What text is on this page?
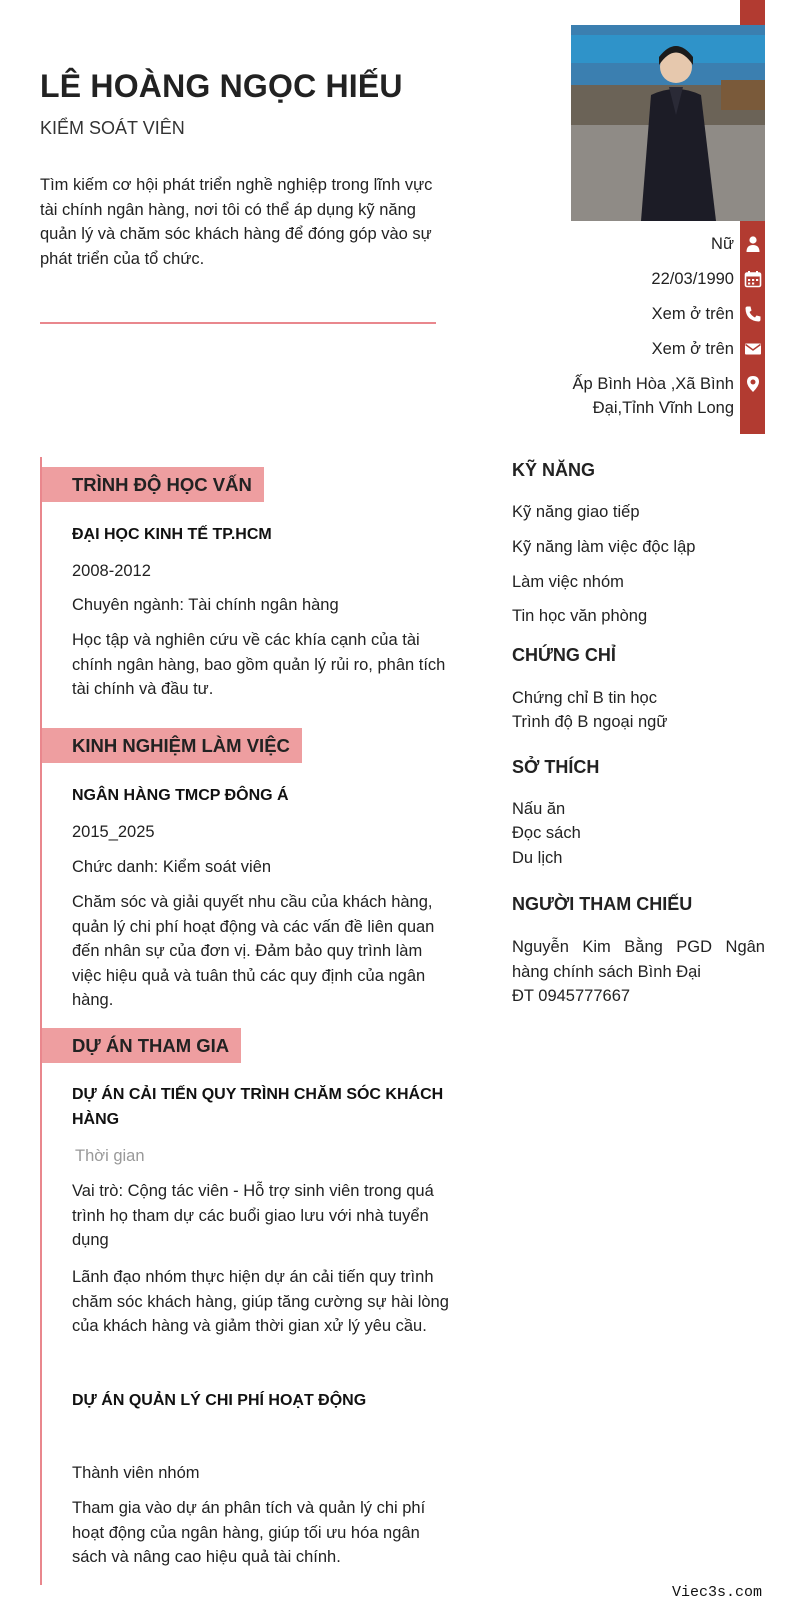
LÊ HOÀNG NGỌC HIẾU
KIỂM SOÁT VIÊN
Tìm kiếm cơ hội phát triển nghề nghiệp trong lĩnh vực tài chính ngân hàng, nơi tôi có thể áp dụng kỹ năng quản lý và chăm sóc khách hàng để đóng góp vào sự phát triển của tổ chức.
Nữ
22/03/1990
Xem ở trên
Xem ở trên
Ấp Bình Hòa ,Xã Bình
Đại,Tỉnh Vĩnh Long
TRÌNH ĐỘ HỌC VẤN
ĐẠI HỌC KINH TẾ TP.HCM
2008-2012
Chuyên ngành: Tài chính ngân hàng
Học tập và nghiên cứu về các khía cạnh của tài chính ngân hàng, bao gồm quản lý rủi ro, phân tích tài chính và đầu tư.
KINH NGHIỆM LÀM VIỆC
NGÂN HÀNG TMCP ĐÔNG Á
2015_2025
Chức danh: Kiểm soát viên
Chăm sóc và giải quyết nhu cầu của khách hàng, quản lý chi phí hoạt động và các vấn đề liên quan đến nhân sự của đơn vị. Đảm bảo quy trình làm việc hiệu quả và tuân thủ các quy định của ngân hàng.
DỰ ÁN THAM GIA
DỰ ÁN CẢI TIẾN QUY TRÌNH CHĂM SÓC KHÁCH HÀNG
Thời gian
Vai trò: Cộng tác viên - Hỗ trợ sinh viên trong quá trình họ tham dự các buổi giao lưu với nhà tuyển dụng
Lãnh đạo nhóm thực hiện dự án cải tiến quy trình chăm sóc khách hàng, giúp tăng cường sự hài lòng của khách hàng và giảm thời gian xử lý yêu cầu.
DỰ ÁN QUẢN LÝ CHI PHÍ HOẠT ĐỘNG
Thành viên nhóm
Tham gia vào dự án phân tích và quản lý chi phí hoạt động của ngân hàng, giúp tối ưu hóa ngân sách và nâng cao hiệu quả tài chính.
KỸ NĂNG
Kỹ năng giao tiếp
Kỹ năng làm việc độc lập
Làm việc nhóm
Tin học văn phòng
CHỨNG CHỈ
Chứng chỉ B tin học
Trình độ B ngoại ngữ
SỞ THÍCH
Nấu ăn
Đọc sách
Du lịch
NGƯỜI THAM CHIẾU
Nguyễn Kim Bằng PGD Ngân hàng chính sách Bình Đại
ĐT 0945777667
Viec3s.com
